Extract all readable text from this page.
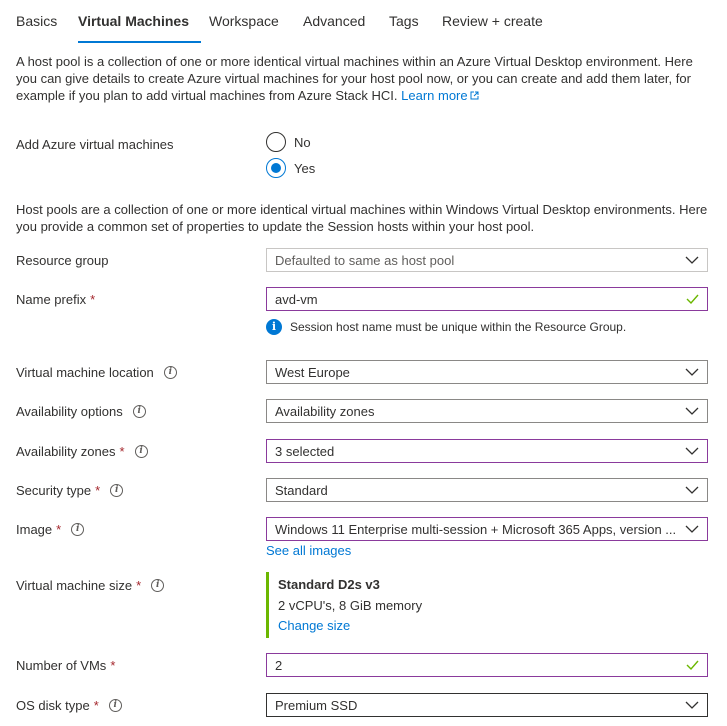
Basics Virtual Machines Workspace Advanced Tags Review + create
A host pool is a collection of one or more identical virtual machines within an Azure Virtual Desktop environment. Here you can give details to create Azure virtual machines for your host pool now, or you can create and add them later, for example if you plan to add virtual machines from Azure Stack HCI. Learn more
Add Azure virtual machines	No
Yes
Host pools are a collection of one or more identical virtual machines within Windows Virtual Desktop environments. Here you provide a common set of properties to update the Session hosts within your host pool.
Resource group	Defaulted to same as host pool
Name prefix *	avd-vm
i	Session host name must be unique within the Resource Group.
Virtual machine location	i	West Europe
Availability options	i	Availability zones
Availability zones *	i	3 selected
Security type *	i	Standard
Image *	i	Windows 11 Enterprise multi-session + Microsoft 365 Apps, version ...
See all images
Virtual machine size *	i	Standard D2s v3
2 vCPU's, 8 GiB memory
Change size
Number of VMs *	2
OS disk type *	i	Premium SSD
